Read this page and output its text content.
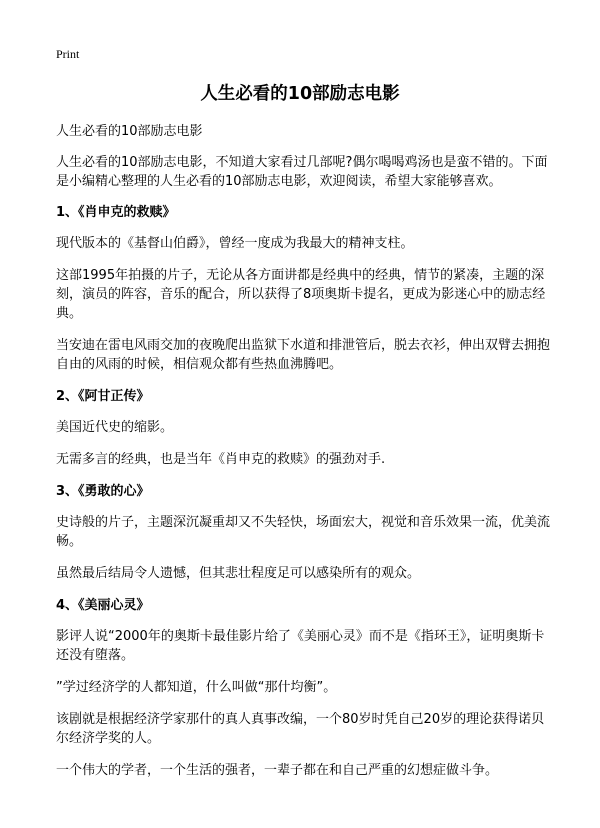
Print
人生必看的10部励志电影

人生必看的10部励志电影

人生必看的10部励志电影，不知道大家看过几部呢?偶尔喝喝鸡汤也是蛮不错的。下面是小编精心整理的人生必看的10部励志电影，欢迎阅读，希望大家能够喜欢。

1、《肖申克的救赎》

现代版本的《基督山伯爵》，曾经一度成为我最大的精神支柱。

这部1995年拍摄的片子，无论从各方面讲都是经典中的经典，情节的紧凑，主题的深刻，演员的阵容，音乐的配合，所以获得了8项奥斯卡提名，更成为影迷心中的励志经典。

当安迪在雷电风雨交加的夜晚爬出监狱下水道和排泄管后，脱去衣衫，伸出双臂去拥抱自由的风雨的时候，相信观众都有些热血沸腾吧。

2、《阿甘正传》

美国近代史的缩影。

无需多言的经典，也是当年《肖申克的救赎》的强劲对手.

3、《勇敢的心》

史诗般的片子，主题深沉凝重却又不失轻快，场面宏大，视觉和音乐效果一流，优美流畅。

虽然最后结局令人遗憾，但其悲壮程度足可以感染所有的观众。

4、《美丽心灵》

影评人说“2000年的奥斯卡最佳影片给了《美丽心灵》而不是《指环王》，证明奥斯卡还没有堕落。

”学过经济学的人都知道，什么叫做“那什均衡”。

该剧就是根据经济学家那什的真人真事改编，一个80岁时凭自己20岁的理论获得诺贝尔经济学奖的人。

一个伟大的学者，一个生活的强者，一辈子都在和自己严重的幻想症做斗争。
